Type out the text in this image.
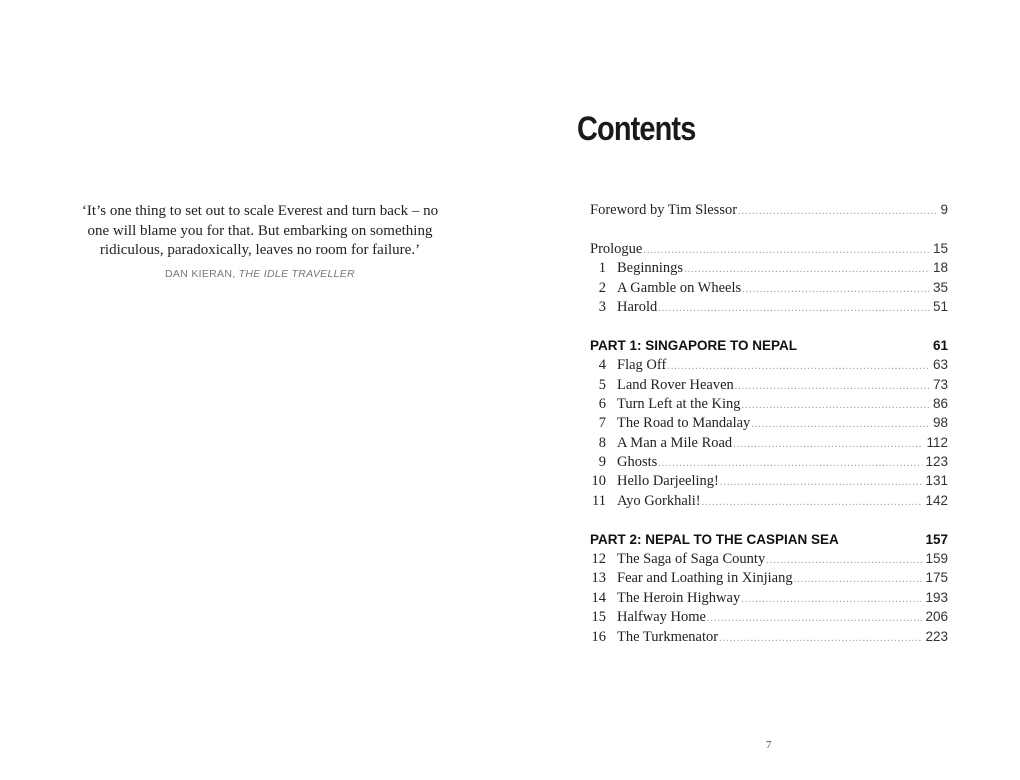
‘It’s one thing to set out to scale Everest and turn back – no one will blame you for that. But embarking on something ridiculous, paradoxically, leaves no room for failure.’
DAN KIERAN, THE IDLE TRAVELLER
Contents
Foreword by Tim Slessor .....	9
Prologue .....	15
1 Beginnings .....	18
2 A Gamble on Wheels .....	35
3 Harold .....	51
PART 1: SINGAPORE TO NEPAL	61
4 Flag Off .....	63
5 Land Rover Heaven .....	73
6 Turn Left at the King .....	86
7 The Road to Mandalay .....	98
8 A Man a Mile Road .....	112
9 Ghosts .....	123
10 Hello Darjeeling! .....	131
11 Ayo Gorkhali! .....	142
PART 2: NEPAL TO THE CASPIAN SEA	157
12 The Saga of Saga County .....	159
13 Fear and Loathing in Xinjiang .....	175
14 The Heroin Highway .....	193
15 Halfway Home .....	206
16 The Turkmenator .....	223
7
